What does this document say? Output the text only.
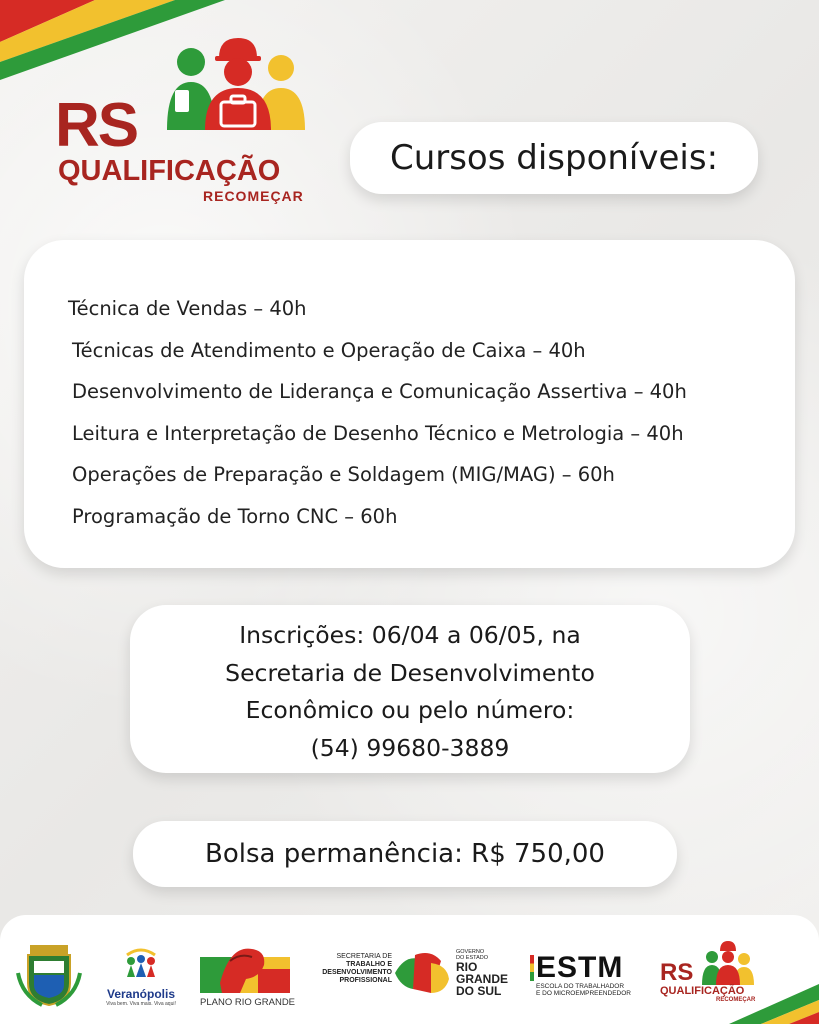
RS
QUALIFICAÇÃO
RECOMEÇAR
Cursos disponíveis:
Técnica de Vendas – 40h
Técnicas de Atendimento e Operação de Caixa – 40h
Desenvolvimento de Liderança e Comunicação Assertiva – 40h
Leitura e Interpretação de Desenho Técnico e Metrologia – 40h
Operações de Preparação e Soldagem (MIG/MAG) – 60h
Programação de Torno CNC – 60h
Inscrições: 06/04 a 06/05, na
Secretaria de Desenvolvimento
Econômico ou pelo número:
(54) 99680-3889
Bolsa permanência: R$ 750,00
Veranópolis
Viva bem. Viva mais. Viva aqui!	PLANO RIO GRANDE
SECRETARIA DE
TRABALHO E
DESENVOLVIMENTO
PROFISSIONAL
GOVERNO
DO ESTADO
RIO
GRANDE
DO SUL
ESTM
ESCOLA DO TRABALHADOR
E DO MICROEMPREENDEDOR
RS
QUALIFICAÇÃO
RECOMEÇAR
